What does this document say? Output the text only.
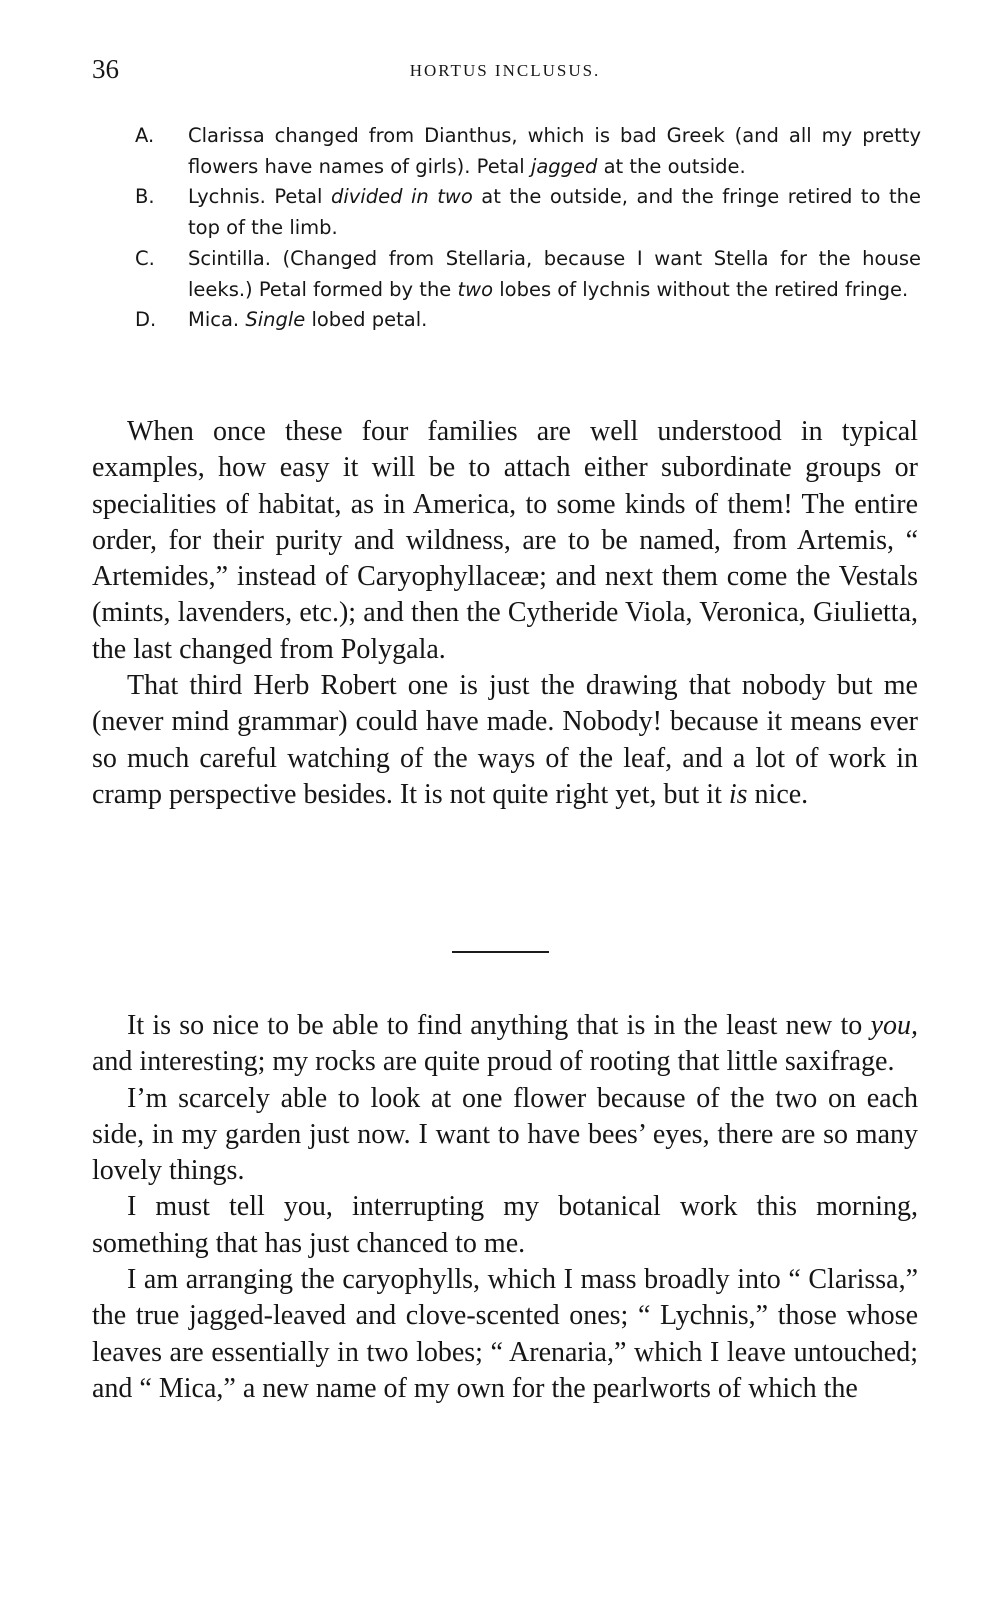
36	HORTUS INCLUSUS.
A. Clarissa changed from Dianthus, which is bad Greek (and all my pretty flowers have names of girls). Petal jagged at the outside.
B. Lychnis. Petal divided in two at the outside, and the fringe retired to the top of the limb.
C. Scintilla. (Changed from Stellaria, because I want Stella for the house leeks.) Petal formed by the two lobes of lychnis without the retired fringe.
D. Mica. Single lobed petal.

When once these four families are well understood in typical examples, how easy it will be to attach either subordinate groups or specialities of habitat, as in America, to some kinds of them! The entire order, for their purity and wildness, are to be named, from Artemis, “ Artemides,” instead of Caryophyllaceæ; and next them come the Vestals (mints, lavenders, etc.); and then the Cytheride Viola, Veronica, Giulietta, the last changed from Polygala.

That third Herb Robert one is just the drawing that nobody but me (never mind grammar) could have made. Nobody! because it means ever so much careful watching of the ways of the leaf, and a lot of work in cramp perspective besides. It is not quite right yet, but it is nice.

It is so nice to be able to find anything that is in the least new to you, and interesting; my rocks are quite proud of rooting that little saxifrage.

I’m scarcely able to look at one flower because of the two on each side, in my garden just now. I want to have bees’ eyes, there are so many lovely things.

I must tell you, interrupting my botanical work this morning, something that has just chanced to me.

I am arranging the caryophylls, which I mass broadly into “ Clarissa,” the true jagged-leaved and clove-scented ones; “ Lychnis,” those whose leaves are essentially in two lobes; “ Arenaria,” which I leave untouched; and “ Mica,” a new name of my own for the pearlworts of which the
